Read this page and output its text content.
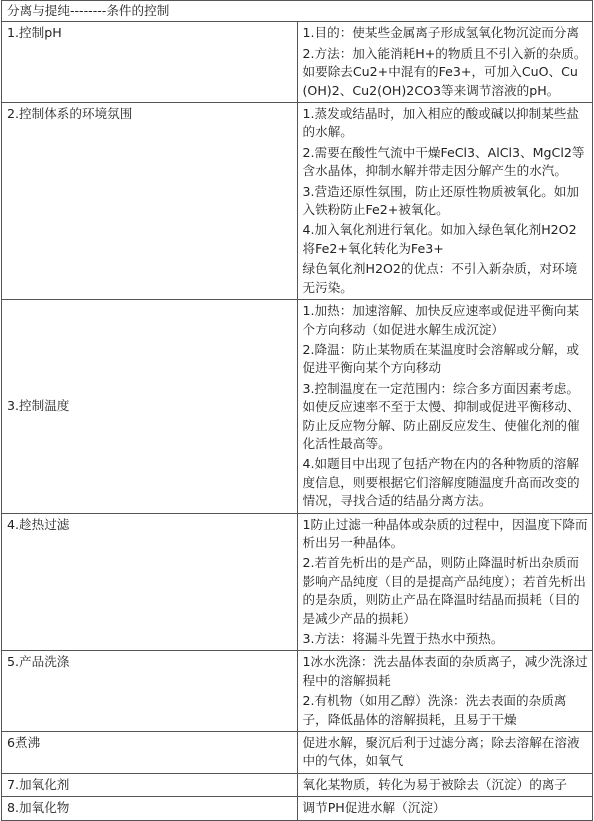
分离与提纯--------条件的控制	
1.控制pH	1.目的：使某些金属离子形成氢氧化物沉淀而分离
2.方法：加入能消耗H+的物质且不引入新的杂质。如要除去Cu2+中混有的Fe3+，可加入CuO、Cu(OH)2、Cu2(OH)2CO3等来调节溶液的pH。

2.控制体系的环境氛围	1.蒸发或结晶时，加入相应的酸或碱以抑制某些盐的水解。
2.需要在酸性气流中干燥FeCl3、AlCl3、MgCl2等含水晶体，抑制水解并带走因分解产生的水汽。
3.营造还原性氛围，防止还原性物质被氧化。如加入铁粉防止Fe2+被氧化。
4.加入氧化剂进行氧化。如加入绿色氧化剂H2O2将Fe2+氧化转化为Fe3+
绿色氧化剂H2O2的优点：不引入新杂质，对环境无污染。

3.控制温度	1.加热：加速溶解、加快反应速率或促进平衡向某个方向移动（如促进水解生成沉淀）
2.降温：防止某物质在某温度时会溶解或分解，或促进平衡向某个方向移动
3.控制温度在一定范围内：综合多方面因素考虑。如使反应速率不至于太慢、抑制或促进平衡移动、防止反应物分解、防止副反应发生、使催化剂的催化活性最高等。
4.如题目中出现了包括产物在内的各种物质的溶解度信息，则要根据它们溶解度随温度升高而改变的情况，寻找合适的结晶分离方法。

4.趁热过滤	1防止过滤一种晶体或杂质的过程中，因温度下降而析出另一种晶体。
2.若首先析出的是产品，则防止降温时析出杂质而影响产品纯度（目的是提高产品纯度）；若首先析出的是杂质，则防止产品在降温时结晶而损耗（目的是减少产品的损耗）
3.方法：将漏斗先置于热水中预热。

5.产品洗涤	1冰水洗涤：洗去晶体表面的杂质离子，减少洗涤过程中的溶解损耗
2.有机物（如用乙醇）洗涤：洗去表面的杂质离子，降低晶体的溶解损耗，且易于干燥

6煮沸	促进水解，聚沉后利于过滤分离；除去溶解在溶液中的气体，如氧气

7.加氧化剂	氧化某物质，转化为易于被除去（沉淀）的离子

8.加氧化物	调节PH促进水解（沉淀）
